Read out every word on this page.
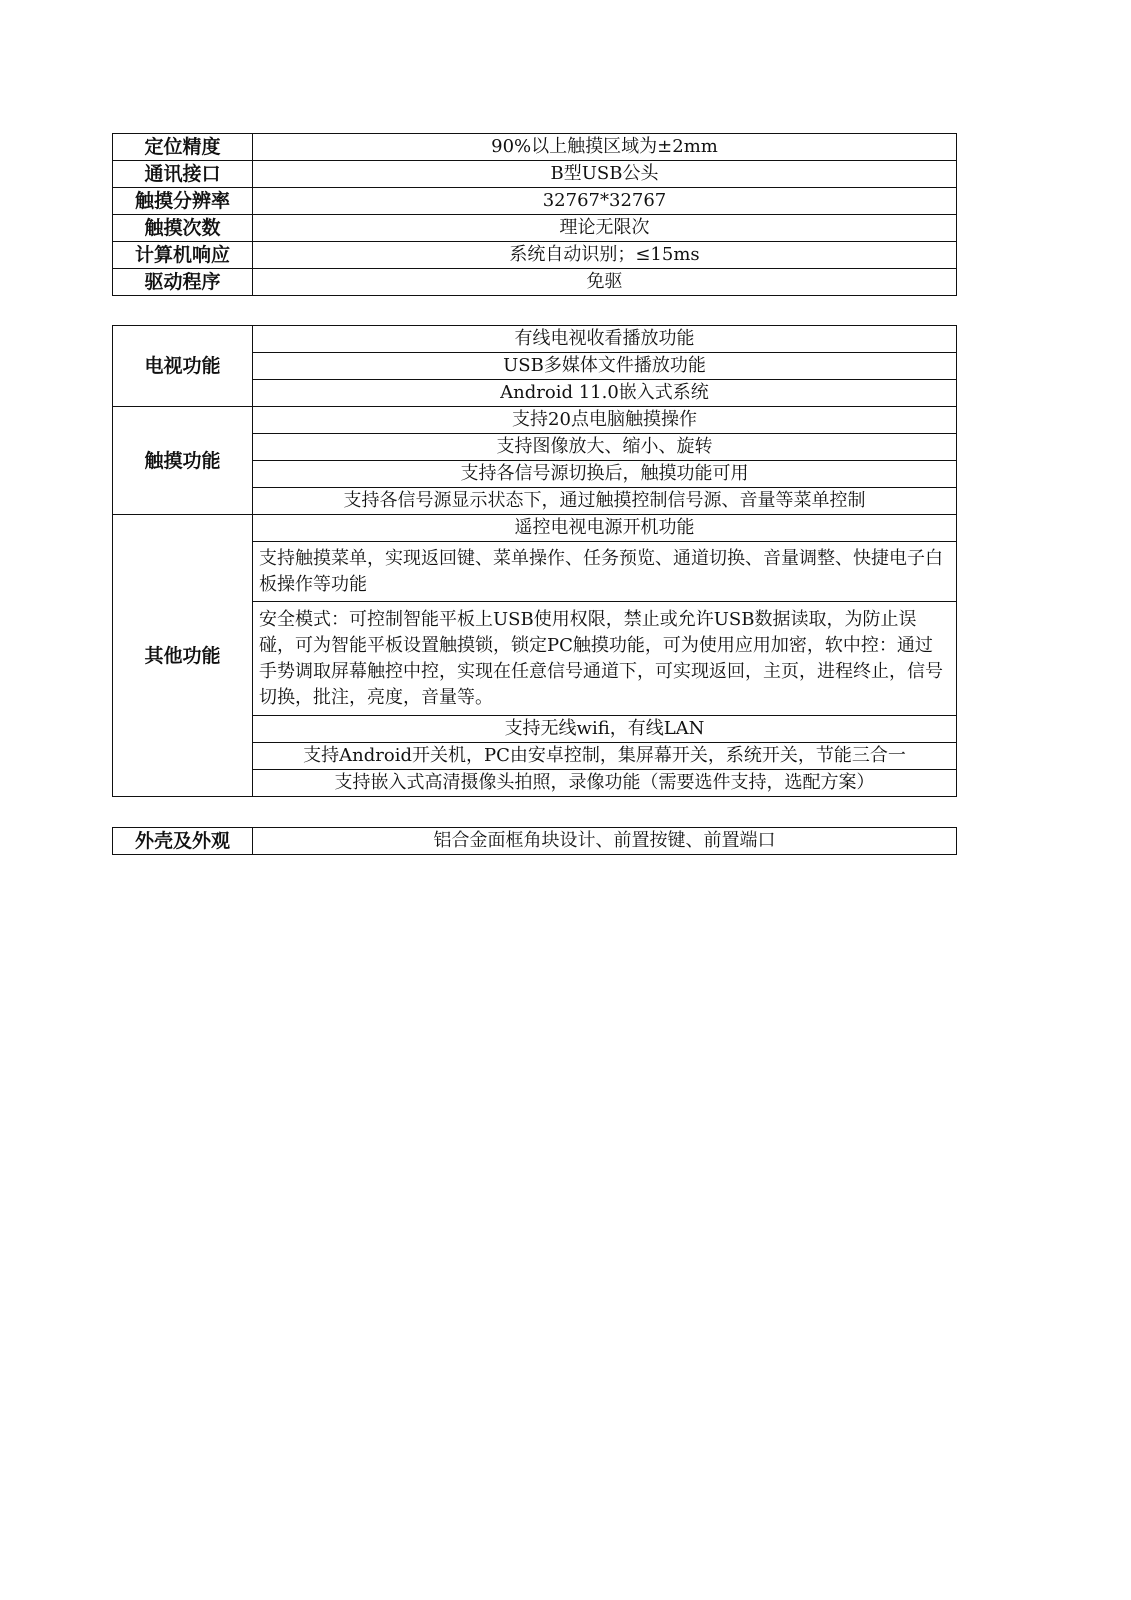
定位精度	90%以上触摸区域为±2mm
通讯接口	B型USB公头
触摸分辨率	32767*32767
触摸次数	理论无限次
计算机响应	系统自动识别；≤15ms
驱动程序	免驱
电视功能	有线电视收看播放功能
	USB多媒体文件播放功能
	Android 11.0嵌入式系统
触摸功能	支持20点电脑触摸操作
	支持图像放大、缩小、旋转
	支持各信号源切换后，触摸功能可用
	支持各信号源显示状态下，通过触摸控制信号源、音量等菜单控制
其他功能	遥控电视电源开机功能
	支持触摸菜单，实现返回键、菜单操作、任务预览、通道切换、音量调整、快捷电子白板操作等功能
	安全模式：可控制智能平板上USB使用权限，禁止或允许USB数据读取，为防止误碰，可为智能平板设置触摸锁，锁定PC触摸功能，可为使用应用加密，软中控：通过手势调取屏幕触控中控，实现在任意信号通道下，可实现返回，主页，进程终止，信号切换，批注，亮度，音量等。
	支持无线wifi，有线LAN
	支持Android开关机，PC由安卓控制，集屏幕开关，系统开关，节能三合一
	支持嵌入式高清摄像头拍照，录像功能（需要选件支持，选配方案）
外壳及外观	铝合金面框角块设计、前置按键、前置端口
